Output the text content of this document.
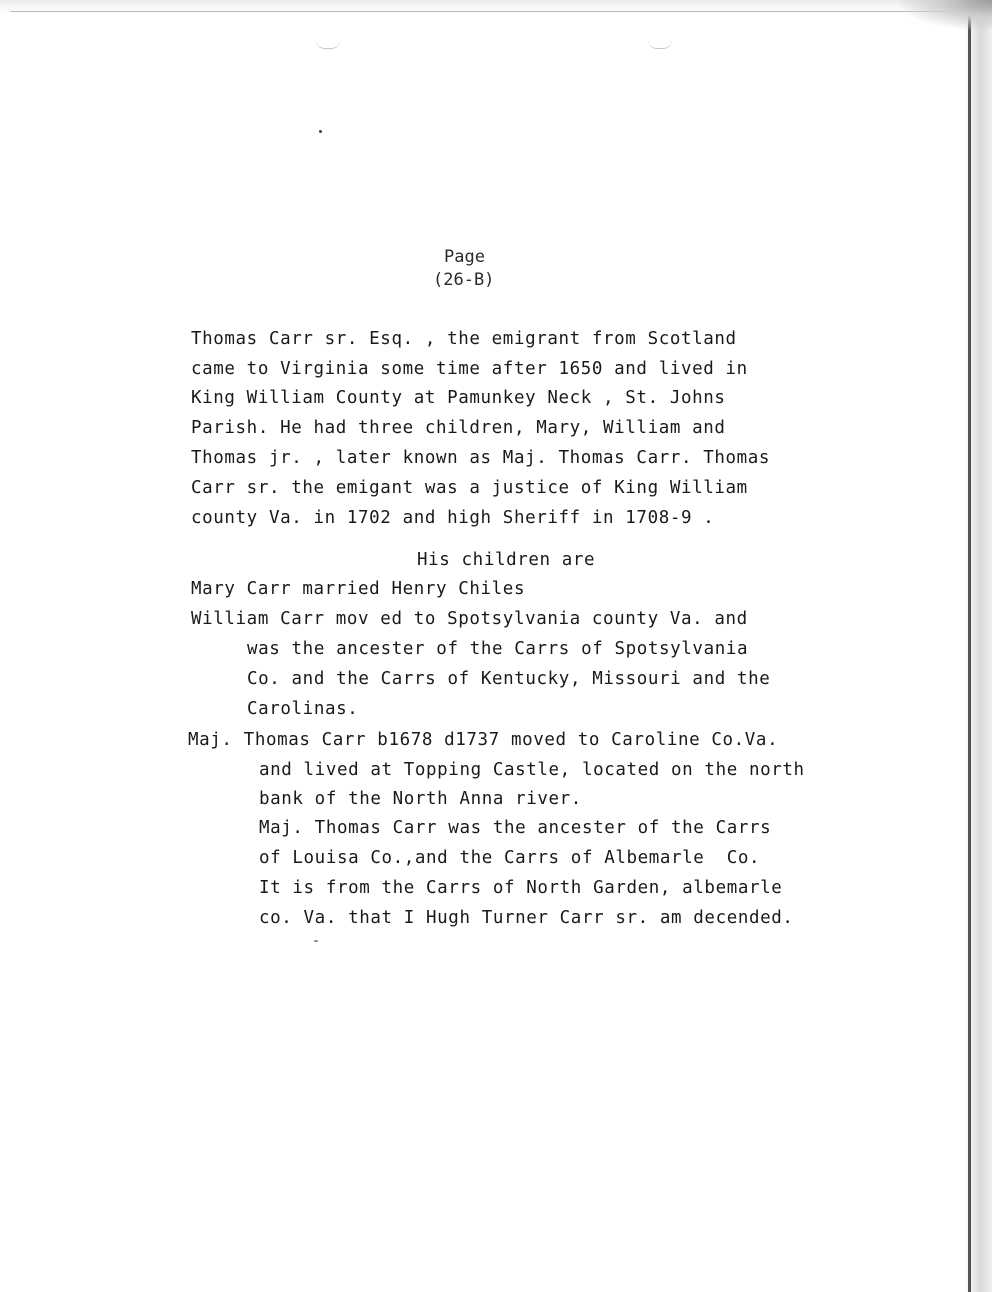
Page

(26-B)

Thomas Carr sr. Esq. , the emigrant from Scotland

came to Virginia some time after 1650 and lived in

King William County at Pamunkey Neck , St. Johns

Parish. He had three children, Mary, William and

Thomas jr. , later known as Maj. Thomas Carr. Thomas

Carr sr. the emigant was a justice of King William

county Va. in 1702 and high Sheriff in 1708-9 .

His children are

Mary Carr married Henry Chiles

William Carr mov ed to Spotsylvania county Va. and

was the ancester of the Carrs of Spotsylvania

Co. and the Carrs of Kentucky, Missouri and the

Carolinas.

Maj. Thomas Carr b1678 d1737 moved to Caroline Co.Va.

and lived at Topping Castle, located on the north

bank of the North Anna river.

Maj. Thomas Carr was the ancester of the Carrs

of Louisa Co.,and the Carrs of Albemarle  Co.

It is from the Carrs of North Garden, albemarle

co. Va. that I Hugh Turner Carr sr. am decended.
